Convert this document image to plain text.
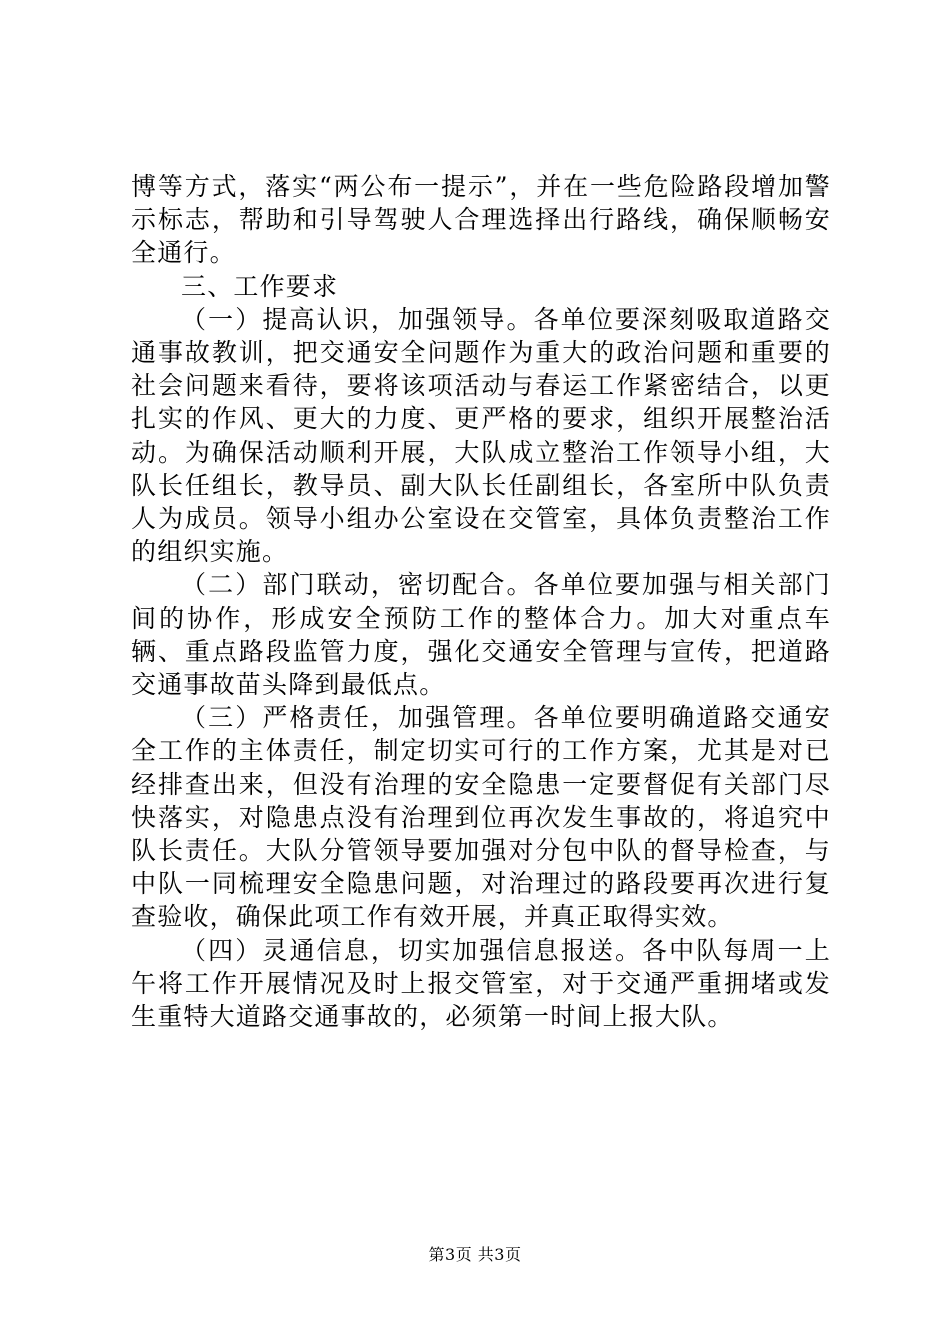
博等方式，落实“两公布一提示”，并在一些危险路段增加警示标志，帮助和引导驾驶人合理选择出行路线，确保顺畅安全通行。

三、工作要求

（一）提高认识，加强领导。各单位要深刻吸取道路交通事故教训，把交通安全问题作为重大的政治问题和重要的社会问题来看待，要将该项活动与春运工作紧密结合，以更扎实的作风、更大的力度、更严格的要求，组织开展整治活动。为确保活动顺利开展，大队成立整治工作领导小组，大队长任组长，教导员、副大队长任副组长，各室所中队负责人为成员。领导小组办公室设在交管室，具体负责整治工作的组织实施。

（二）部门联动，密切配合。各单位要加强与相关部门间的协作，形成安全预防工作的整体合力。加大对重点车辆、重点路段监管力度，强化交通安全管理与宣传，把道路交通事故苗头降到最低点。

（三）严格责任，加强管理。各单位要明确道路交通安全工作的主体责任，制定切实可行的工作方案，尤其是对已经排查出来，但没有治理的安全隐患一定要督促有关部门尽快落实，对隐患点没有治理到位再次发生事故的，将追究中队长责任。大队分管领导要加强对分包中队的督导检查，与中队一同梳理安全隐患问题，对治理过的路段要再次进行复查验收，确保此项工作有效开展，并真正取得实效。

（四）灵通信息，切实加强信息报送。各中队每周一上午将工作开展情况及时上报交管室，对于交通严重拥堵或发生重特大道路交通事故的，必须第一时间上报大队。

第3页 共3页
